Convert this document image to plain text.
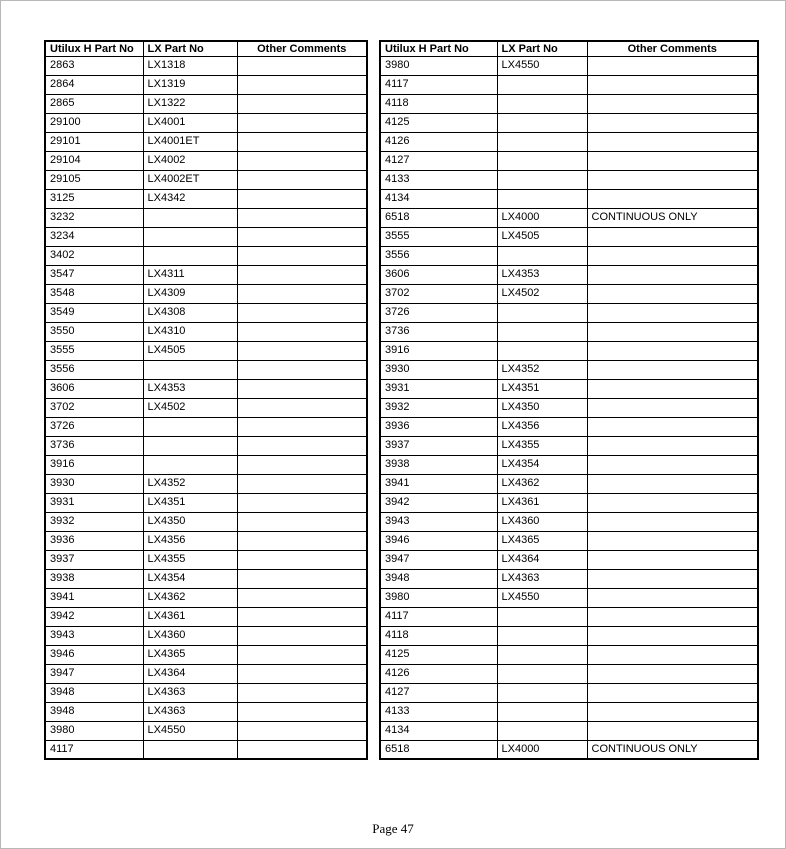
Utilux H Part No	LX Part No	Other Comments
2863	LX1318	
2864	LX1319	
2865	LX1322	
29100	LX4001	
29101	LX4001ET	
29104	LX4002	
29105	LX4002ET	
3125	LX4342	
3232		
3234		
3402		
3547	LX4311	
3548	LX4309	
3549	LX4308	
3550	LX4310	
3555	LX4505	
3556		
3606	LX4353	
3702	LX4502	
3726		
3736		
3916		
3930	LX4352	
3931	LX4351	
3932	LX4350	
3936	LX4356	
3937	LX4355	
3938	LX4354	
3941	LX4362	
3942	LX4361	
3943	LX4360	
3946	LX4365	
3947	LX4364	
3948	LX4363	
3948	LX4363	
3980	LX4550	
4117		
Utilux H Part No	LX Part No	Other Comments
3980	LX4550	
4117		
4118		
4125		
4126		
4127		
4133		
4134		
6518	LX4000	CONTINUOUS ONLY
3555	LX4505	
3556		
3606	LX4353	
3702	LX4502	
3726		
3736		
3916		
3930	LX4352	
3931	LX4351	
3932	LX4350	
3936	LX4356	
3937	LX4355	
3938	LX4354	
3941	LX4362	
3942	LX4361	
3943	LX4360	
3946	LX4365	
3947	LX4364	
3948	LX4363	
3980	LX4550	
4117		
4118		
4125		
4126		
4127		
4133		
4134		
6518	LX4000	CONTINUOUS ONLY
Page 47
